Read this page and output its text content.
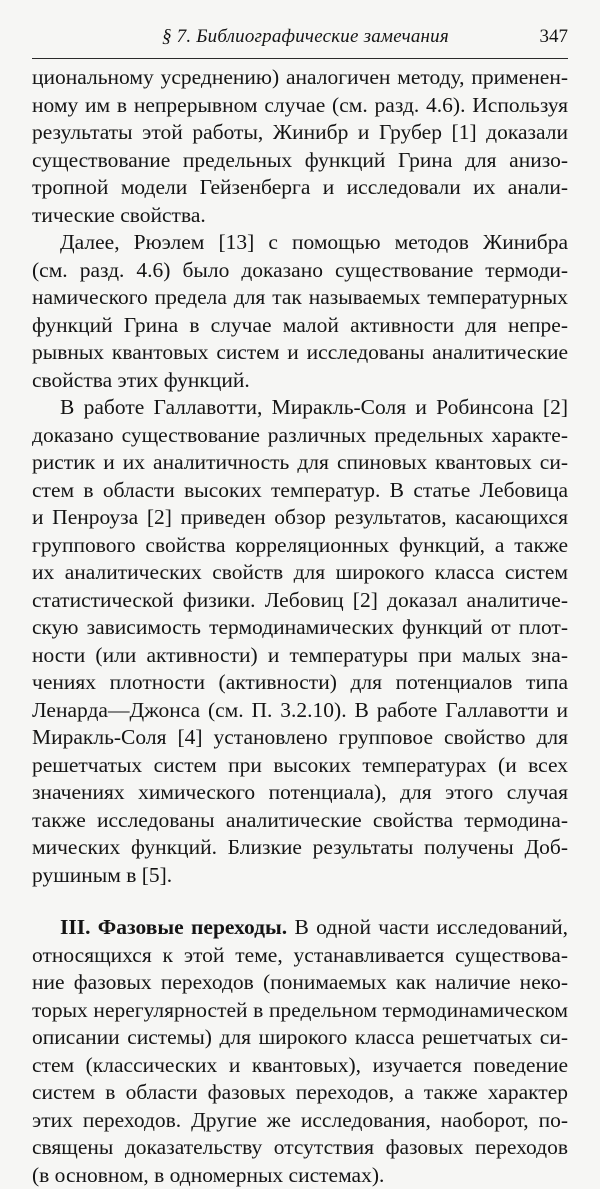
§ 7. Библиографические замечания	347
циональному усреднению) аналогичен методу, применен-
ному им в непрерывном случае (см. разд. 4.6). Используя
результаты этой работы, Жинибр и Грубер [1] доказали
существование предельных функций Грина для анизо-
тропной модели Гейзенберга и исследовали их анали-
тические свойства.
Далее, Рюэлем [13] с помощью методов Жинибра
(см. разд. 4.6) было доказано существование термоди-
намического предела для так называемых температурных
функций Грина в случае малой активности для непре-
рывных квантовых систем и исследованы аналитические
свойства этих функций.
В работе Галлавотти, Миракль-Соля и Робинсона [2]
доказано существование различных предельных характе-
ристик и их аналитичность для спиновых квантовых си-
стем в области высоких температур. В статье Лебовица
и Пенроуза [2] приведен обзор результатов, касающихся
группового свойства корреляционных функций, а также
их аналитических свойств для широкого класса систем
статистической физики. Лебовиц [2] доказал аналитиче-
скую зависимость термодинамических функций от плот-
ности (или активности) и температуры при малых зна-
чениях плотности (активности) для потенциалов типа
Ленарда—Джонса (см. П. 3.2.10). В работе Галлавотти и
Миракль-Соля [4] установлено групповое свойство для
решетчатых систем при высоких температурах (и всех
значениях химического потенциала), для этого случая
также исследованы аналитические свойства термодина-
мических функций. Близкие результаты получены Доб-
рушиным в [5].
III. Фазовые переходы. В одной части исследований,
относящихся к этой теме, устанавливается существова-
ние фазовых переходов (понимаемых как наличие неко-
торых нерегулярностей в предельном термодинамическом
описании системы) для широкого класса решетчатых си-
стем (классических и квантовых), изучается поведение
систем в области фазовых переходов, а также характер
этих переходов. Другие же исследования, наоборот, по-
священы доказательству отсутствия фазовых переходов
(в основном, в одномерных системах).
